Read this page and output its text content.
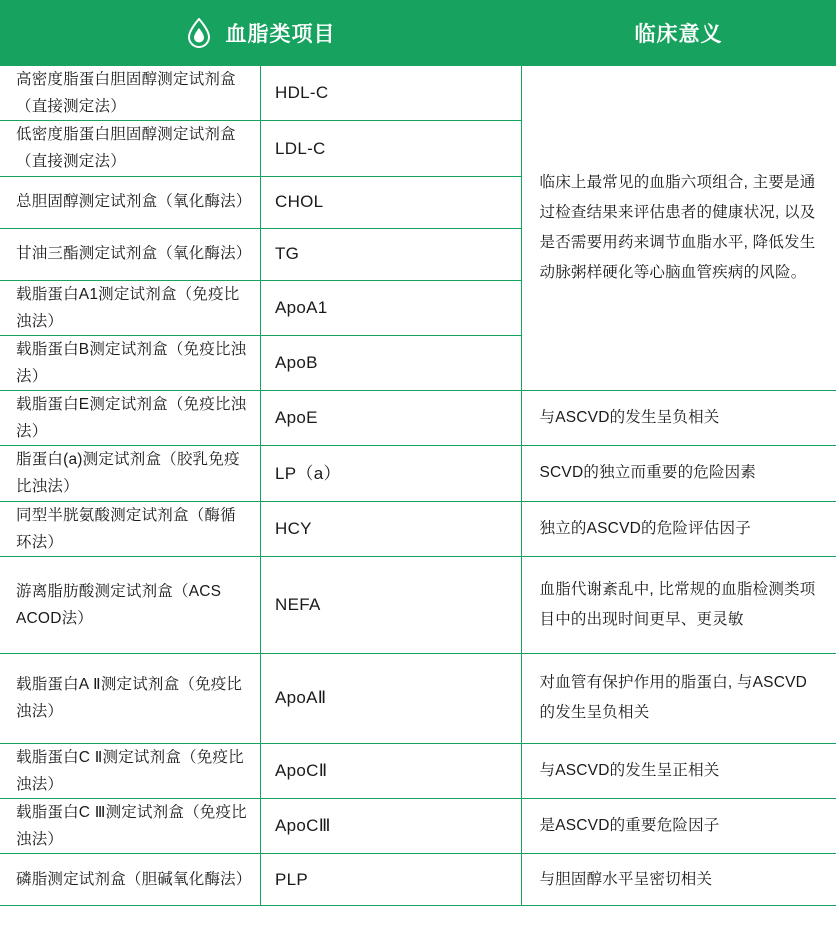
血脂类项目		临床意义
高密度脂蛋白胆固醇测定试剂盒（直接测定法）	HDL-C	临床上最常见的血脂六项组合, 主要是通过检查结果来评估患者的健康状况, 以及是否需要用药来调节血脂水平, 降低发生动脉粥样硬化等心脑血管疾病的风险。
低密度脂蛋白胆固醇测定试剂盒（直接测定法）	LDL-C	
总胆固醇测定试剂盒（氧化酶法）	CHOL	
甘油三酯测定试剂盒（氧化酶法）	TG	
载脂蛋白A1测定试剂盒（免疫比浊法）	ApoA1	
载脂蛋白B测定试剂盒（免疫比浊法）	ApoB	
载脂蛋白E测定试剂盒（免疫比浊法）	ApoE	与ASCVD的发生呈负相关
脂蛋白(a)测定试剂盒（胶乳免疫比浊法）	LP（a）	SCVD的独立而重要的危险因素
同型半胱氨酸测定试剂盒（酶循环法）	HCY	独立的ASCVD的危险评估因子
游离脂肪酸测定试剂盒（ACS ACOD法）	NEFA	血脂代谢紊乱中, 比常规的血脂检测类项目中的出现时间更早、更灵敏
载脂蛋白A Ⅱ测定试剂盒（免疫比浊法）	ApoAⅡ	对血管有保护作用的脂蛋白, 与ASCVD的发生呈负相关
载脂蛋白C Ⅱ测定试剂盒（免疫比浊法）	ApoCⅡ	与ASCVD的发生呈正相关
载脂蛋白C Ⅲ测定试剂盒（免疫比浊法）	ApoCⅢ	是ASCVD的重要危险因子
磷脂测定试剂盒（胆碱氧化酶法）	PLP	与胆固醇水平呈密切相关
